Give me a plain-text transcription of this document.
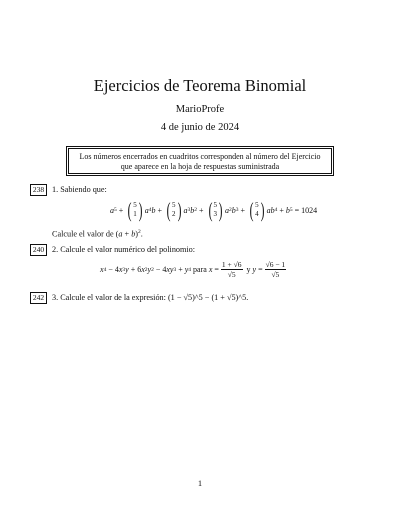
Ejercicios de Teorema Binomial
MarioProfe
4 de junio de 2024
Los números encerrados en cuadritos corresponden al número del Ejercicio
que aparece en la hoja de respuestas suministrada
238 1. Sabiendo que:
a 5 + ( 5
1 ) a 4 b + ( 5
2 ) a 3 b 2 + ( 5
3 ) a 2 b 3 + ( 5
4 ) ab 4 + b 5 = 1024
Calcule el valor de $(a + b)^2$.
240 2. Calcule el valor numérico del polinomio:
x 4 − 4 x 3 y + 6 x 2 y 2 − 4 xy 3 + y 4 para $x = \frac{1 + √6}{√5}$ y $y = \frac{√6 - 1}{√5}$
242 3. Calcule el valor de la expresión: (1 − √5)^5 − (1 + √5)^5.
1
